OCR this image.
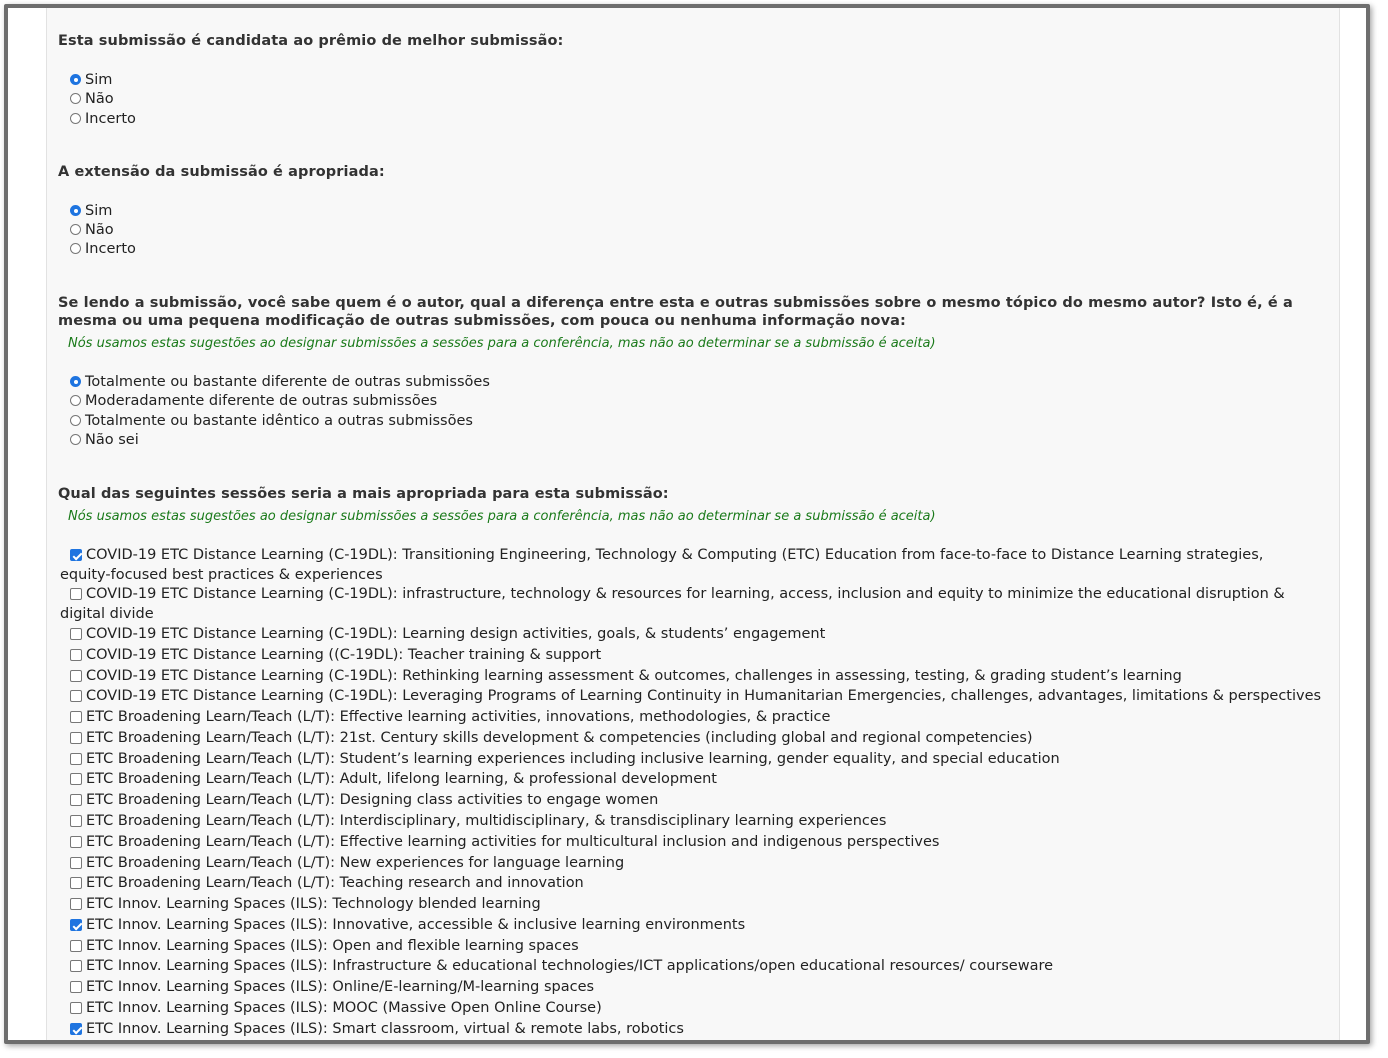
Esta submissão é candidata ao prêmio de melhor submissão:
Sim
Não
Incerto
A extensão da submissão é apropriada:
Sim
Não
Incerto
Se lendo a submissão, você sabe quem é o autor, qual a diferença entre esta e outras submissões sobre o mesmo tópico do mesmo autor? Isto é, é a mesma ou uma pequena modificação de outras submissões, com pouca ou nenhuma informação nova:
Nós usamos estas sugestões ao designar submissões a sessões para a conferência, mas não ao determinar se a submissão é aceita)
Totalmente ou bastante diferente de outras submissões
Moderadamente diferente de outras submissões
Totalmente ou bastante idêntico a outras submissões
Não sei
Qual das seguintes sessões seria a mais apropriada para esta submissão:
Nós usamos estas sugestões ao designar submissões a sessões para a conferência, mas não ao determinar se a submissão é aceita)
COVID-19 ETC Distance Learning (C-19DL): Transitioning Engineering, Technology & Computing (ETC) Education from face-to-face to Distance Learning strategies,
equity-focused best practices & experiences
COVID-19 ETC Distance Learning (C-19DL): infrastructure, technology & resources for learning, access, inclusion and equity to minimize the educational disruption &
digital divide
COVID-19 ETC Distance Learning (C-19DL): Learning design activities, goals, & students’ engagement
COVID-19 ETC Distance Learning ((C-19DL): Teacher training & support
COVID-19 ETC Distance Learning (C-19DL): Rethinking learning assessment & outcomes, challenges in assessing, testing, & grading student’s learning
COVID-19 ETC Distance Learning (C-19DL): Leveraging Programs of Learning Continuity in Humanitarian Emergencies, challenges, advantages, limitations & perspectives
ETC Broadening Learn/Teach (L/T): Effective learning activities, innovations, methodologies, & practice
ETC Broadening Learn/Teach (L/T): 21st. Century skills development & competencies (including global and regional competencies)
ETC Broadening Learn/Teach (L/T): Student’s learning experiences including inclusive learning, gender equality, and special education
ETC Broadening Learn/Teach (L/T): Adult, lifelong learning, & professional development
ETC Broadening Learn/Teach (L/T): Designing class activities to engage women
ETC Broadening Learn/Teach (L/T): Interdisciplinary, multidisciplinary, & transdisciplinary learning experiences
ETC Broadening Learn/Teach (L/T): Effective learning activities for multicultural inclusion and indigenous perspectives
ETC Broadening Learn/Teach (L/T): New experiences for language learning
ETC Broadening Learn/Teach (L/T): Teaching research and innovation
ETC Innov. Learning Spaces (ILS): Technology blended learning
ETC Innov. Learning Spaces (ILS): Innovative, accessible & inclusive learning environments
ETC Innov. Learning Spaces (ILS): Open and flexible learning spaces
ETC Innov. Learning Spaces (ILS): Infrastructure & educational technologies/ICT applications/open educational resources/ courseware
ETC Innov. Learning Spaces (ILS): Online/E-learning/M-learning spaces
ETC Innov. Learning Spaces (ILS): MOOC (Massive Open Online Course)
ETC Innov. Learning Spaces (ILS): Smart classroom, virtual & remote labs, robotics
